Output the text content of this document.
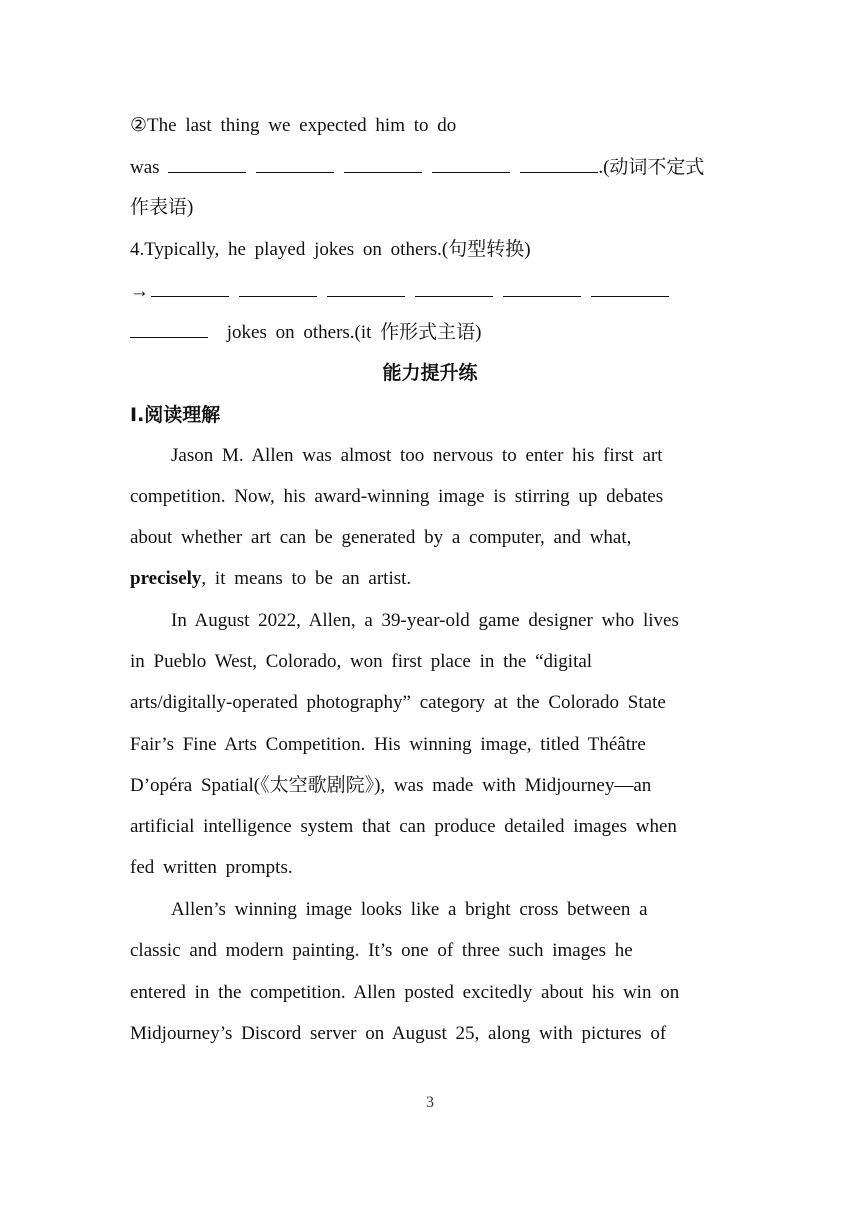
②The last thing we expected him to do
was	.(动词不定式
作表语)
4.Typically, he played jokes on others.(句型转换)
→
jokes on others.(it 作形式主语)
能力提升练
Ⅰ.阅读理解
Jason M. Allen was almost too nervous to enter his first art
competition. Now, his award-winning image is stirring up debates
about whether art can be generated by a computer, and what,
precisely, it means to be an artist.
In August 2022, Allen, a 39-year-old game designer who lives
in Pueblo West, Colorado, won first place in the “digital
arts/digitally-operated photography” category at the Colorado State
Fair’s Fine Arts Competition. His winning image, titled Théâtre
D’opéra Spatial(《太空歌剧院》), was made with Midjourney—an
artificial intelligence system that can produce detailed images when
fed written prompts.
Allen’s winning image looks like a bright cross between a
classic and modern painting. It’s one of three such images he
entered in the competition. Allen posted excitedly about his win on
Midjourney’s Discord server on August 25, along with pictures of
3
